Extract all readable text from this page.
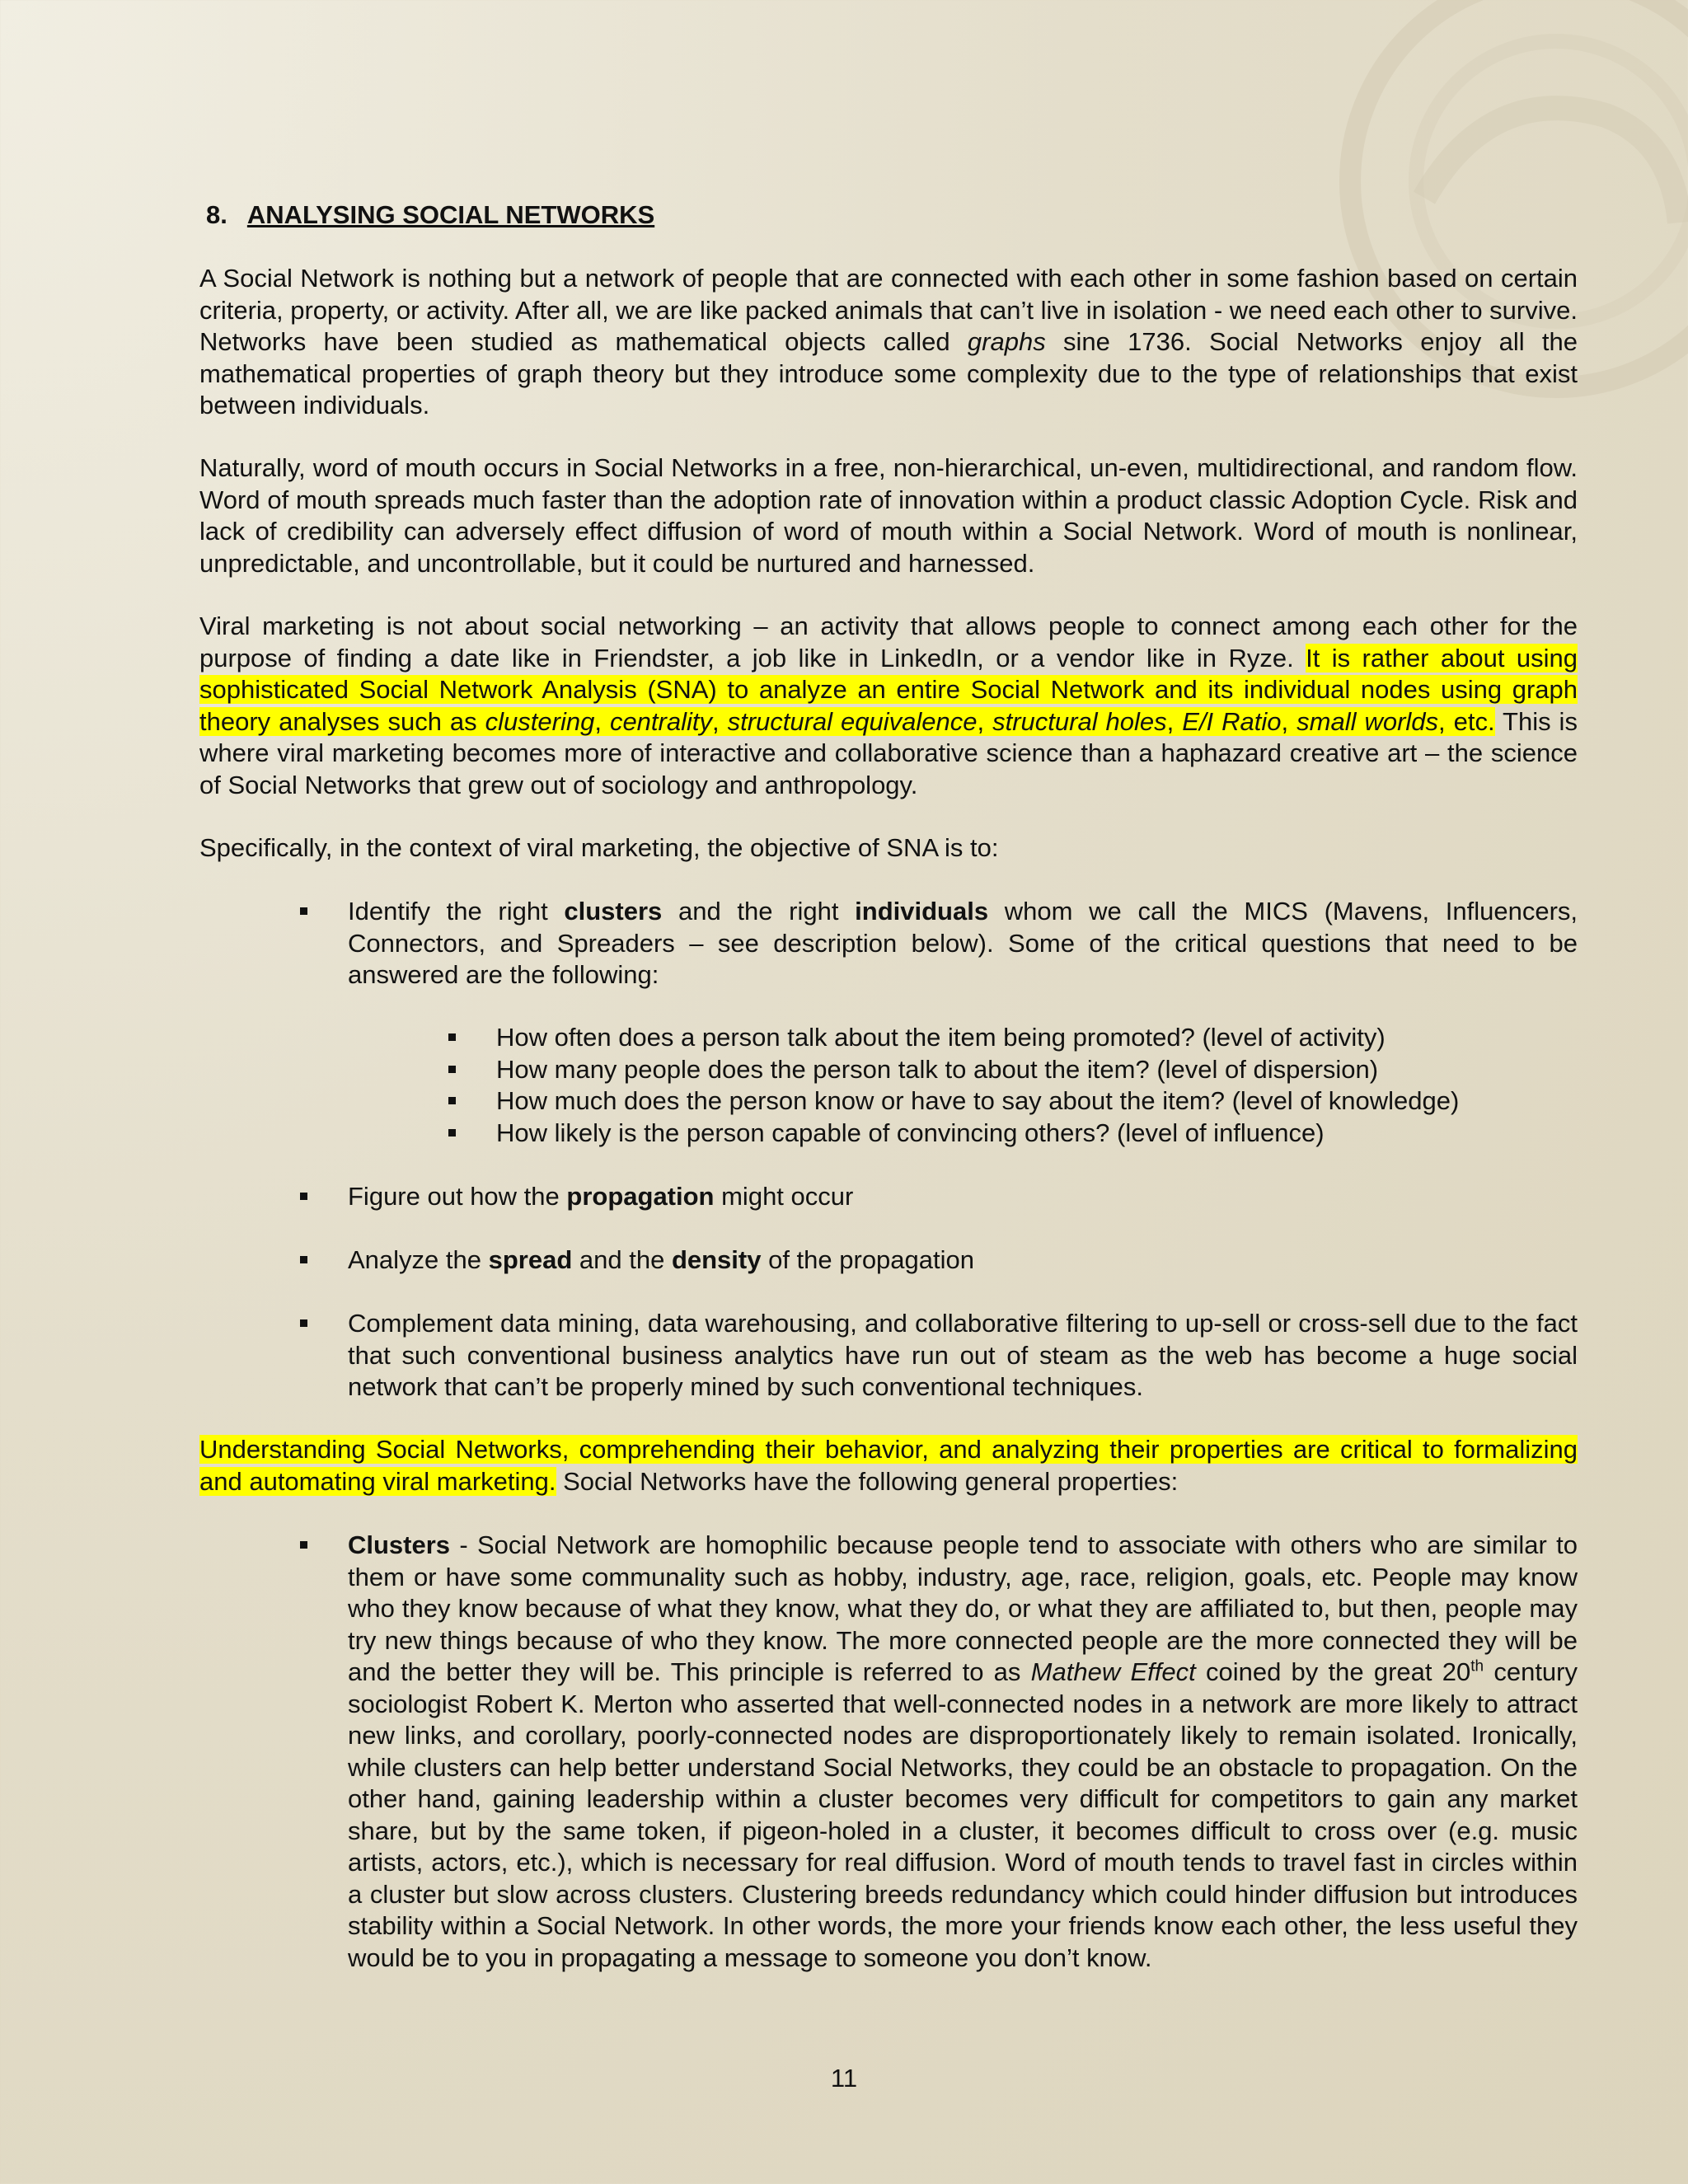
8. ANALYSING SOCIAL NETWORKS

A Social Network is nothing but a network of people that are connected with each other in some fashion based on certain criteria, property, or activity. After all, we are like packed animals that can’t live in isolation - we need each other to survive. Networks have been studied as mathematical objects called graphs sine 1736. Social Networks enjoy all the mathematical properties of graph theory but they introduce some complexity due to the type of relationships that exist between individuals.

Naturally, word of mouth occurs in Social Networks in a free, non-hierarchical, un-even, multidirectional, and random flow. Word of mouth spreads much faster than the adoption rate of innovation within a product classic Adoption Cycle. Risk and lack of credibility can adversely effect diffusion of word of mouth within a Social Network. Word of mouth is nonlinear, unpredictable, and uncontrollable, but it could be nurtured and harnessed.

Viral marketing is not about social networking – an activity that allows people to connect among each other for the purpose of finding a date like in Friendster, a job like in LinkedIn, or a vendor like in Ryze. It is rather about using sophisticated Social Network Analysis (SNA) to analyze an entire Social Network and its individual nodes using graph theory analyses such as clustering, centrality, structural equivalence, structural holes, E/I Ratio, small worlds, etc. This is where viral marketing becomes more of interactive and collaborative science than a haphazard creative art – the science of Social Networks that grew out of sociology and anthropology.

Specifically, in the context of viral marketing, the objective of SNA is to:

Identify the right clusters and the right individuals whom we call the MICS (Mavens, Influencers, Connectors, and Spreaders – see description below). Some of the critical questions that need to be answered are the following:
How often does a person talk about the item being promoted? (level of activity)
How many people does the person talk to about the item? (level of dispersion)
How much does the person know or have to say about the item? (level of knowledge)
How likely is the person capable of convincing others? (level of influence)
Figure out how the propagation might occur
Analyze the spread and the density of the propagation
Complement data mining, data warehousing, and collaborative filtering to up-sell or cross-sell due to the fact that such conventional business analytics have run out of steam as the web has become a huge social network that can’t be properly mined by such conventional techniques.

Understanding Social Networks, comprehending their behavior, and analyzing their properties are critical to formalizing and automating viral marketing. Social Networks have the following general properties:

Clusters - Social Network are homophilic because people tend to associate with others who are similar to them or have some communality such as hobby, industry, age, race, religion, goals, etc. People may know who they know because of what they know, what they do, or what they are affiliated to, but then, people may try new things because of who they know. The more connected people are the more connected they will be and the better they will be. This principle is referred to as Mathew Effect coined by the great 20th century sociologist Robert K. Merton who asserted that well-connected nodes in a network are more likely to attract new links, and corollary, poorly-connected nodes are disproportionately likely to remain isolated. Ironically, while clusters can help better understand Social Networks, they could be an obstacle to propagation. On the other hand, gaining leadership within a cluster becomes very difficult for competitors to gain any market share, but by the same token, if pigeon-holed in a cluster, it becomes difficult to cross over (e.g. music artists, actors, etc.), which is necessary for real diffusion. Word of mouth tends to travel fast in circles within a cluster but slow across clusters. Clustering breeds redundancy which could hinder diffusion but introduces stability within a Social Network. In other words, the more your friends know each other, the less useful they would be to you in propagating a message to someone you don’t know.
11
